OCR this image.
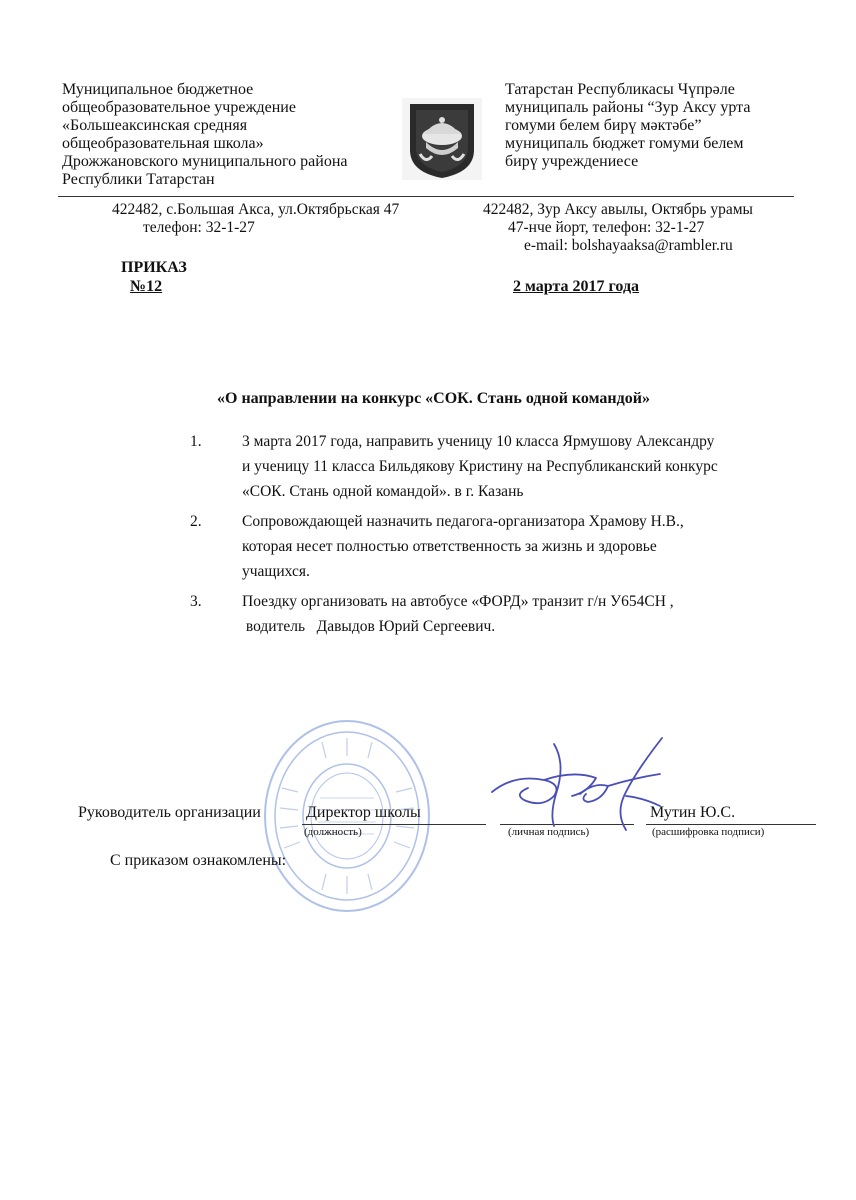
Муниципальное бюджетное
общеобразовательное учреждение
«Большеаксинская средняя
общеобразовательная школа»
Дрожжановского муниципального района
Республики Татарстан
Татарстан Республикасы Чүпрәле
муниципаль районы “Зур Аксу урта
гомуми белем бирү мәктәбе”
муниципаль бюджет гомуми белем
бирү учреждениесе
422482, с.Большая Акса, ул.Октябрьская 47
телефон: 32-1-27
422482, Зур Аксу авылы, Октябрь урамы
47-нче йорт, телефон: 32-1-27
e-mail: bolshayaaksa@rambler.ru
ПРИКАЗ
№12	2 марта 2017 года
«О направлении на конкурс «СОК. Стань одной командой»
1.	3 марта 2017 года, направить ученицу 10 класса Ярмушову Александру
и ученицу 11 класса Бильдякову Кристину на Республиканский конкурс
«СОК. Стань одной командой». в г. Казань
2.	Сопровождающей назначить педагога-организатора Храмову Н.В.,
которая несет полностью ответственность за жизнь и здоровье
учащихся.
3.	Поездку организовать на автобусе «ФОРД» транзит г/н У654СН ,
водитель   Давыдов Юрий Сергеевич.
Руководитель организации	Директор школы
(должность)	(личная подпись)
Мутин Ю.С.
(расшифровка подписи)
С приказом ознакомлены:
